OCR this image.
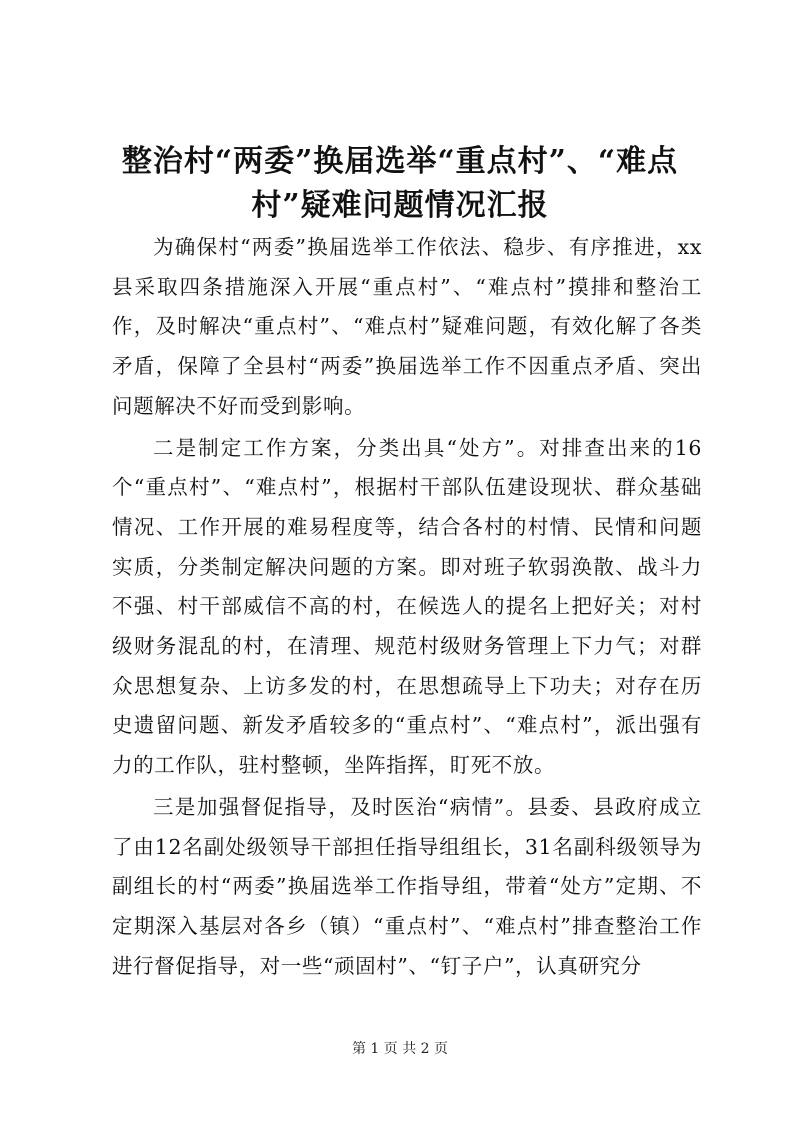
整治村“两委”换届选举“重点村”、“难点村”疑难问题情况汇报

为确保村“两委”换届选举工作依法、稳步、有序推进，xx县采取四条措施深入开展“重点村”、“难点村”摸排和整治工作，及时解决“重点村”、“难点村”疑难问题，有效化解了各类矛盾，保障了全县村“两委”换届选举工作不因重点矛盾、突出问题解决不好而受到影响。

二是制定工作方案，分类出具“处方”。对排查出来的16个“重点村”、“难点村”，根据村干部队伍建设现状、群众基础情况、工作开展的难易程度等，结合各村的村情、民情和问题实质，分类制定解决问题的方案。即对班子软弱涣散、战斗力不强、村干部威信不高的村，在候选人的提名上把好关；对村级财务混乱的村，在清理、规范村级财务管理上下力气；对群众思想复杂、上访多发的村，在思想疏导上下功夫；对存在历史遗留问题、新发矛盾较多的“重点村”、“难点村”，派出强有力的工作队，驻村整顿，坐阵指挥，盯死不放。

三是加强督促指导，及时医治“病情”。县委、县政府成立了由12名副处级领导干部担任指导组组长，31名副科级领导为副组长的村“两委”换届选举工作指导组，带着“处方”定期、不定期深入基层对各乡（镇）“重点村”、“难点村”排查整治工作进行督促指导，对一些“顽固村”、“钉子户”，认真研究分

第 1 页 共 2 页
